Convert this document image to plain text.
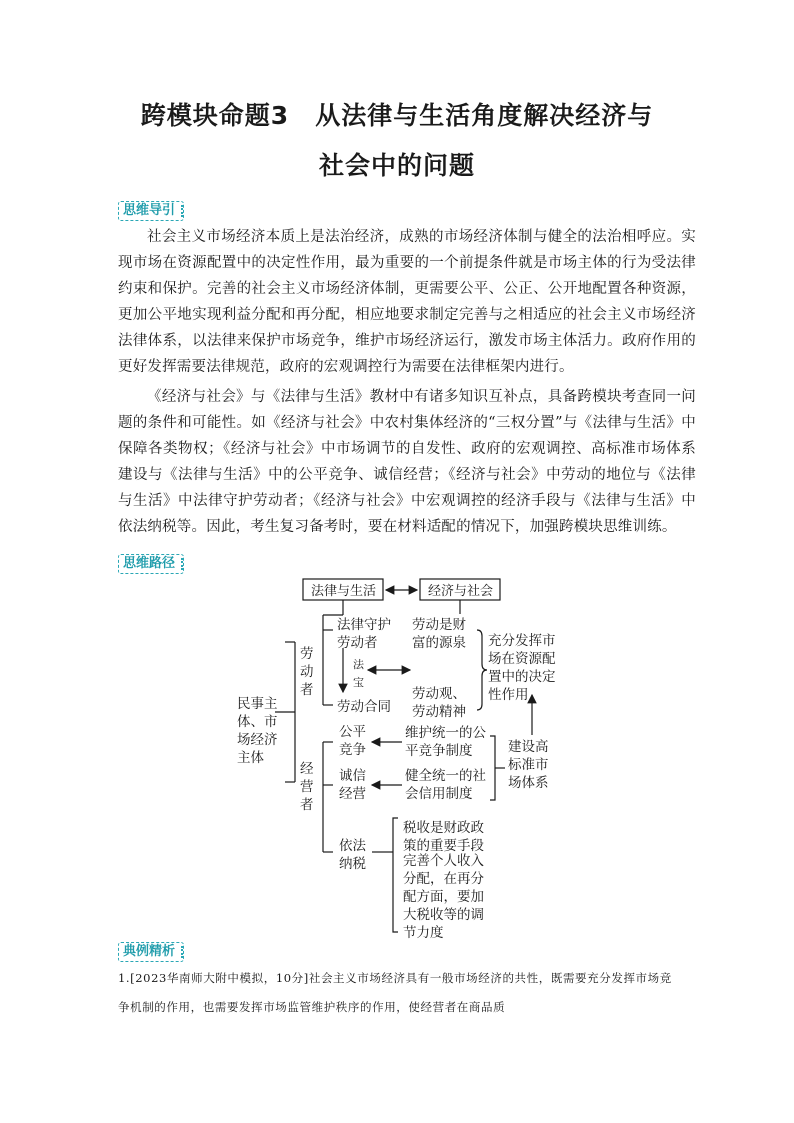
跨模块命题3　从法律与生活角度解决经济与
社会中的问题
思维导引

社会主义市场经济本质上是法治经济，成熟的市场经济体制与健全的法治相呼应。实现市场在资源配置中的决定性作用，最为重要的一个前提条件就是市场主体的行为受法律约束和保护。完善的社会主义市场经济体制，更需要公平、公正、公开地配置各种资源，更加公平地实现利益分配和再分配，相应地要求制定完善与之相适应的社会主义市场经济法律体系，以法律来保护市场竞争，维护市场经济运行，激发市场主体活力。政府作用的更好发挥需要法律规范，政府的宏观调控行为需要在法律框架内进行。

《经济与社会》与《法律与生活》教材中有诸多知识互补点，具备跨模块考查同一问题的条件和可能性。如《经济与社会》中农村集体经济的“三权分置”与《法律与生活》中保障各类物权；《经济与社会》中市场调节的自发性、政府的宏观调控、高标准市场体系建设与《法律与生活》中的公平竞争、诚信经营；《经济与社会》中劳动的地位与《法律与生活》中法律守护劳动者；《经济与社会》中宏观调控的经济手段与《法律与生活》中依法纳税等。因此，考生复习备考时，要在材料适配的情况下，加强跨模块思维训练。

思维路径
法律与生活	经济与社会
民事主
体、市
场经济
主体
劳
动
者
经
营
者
法律守护
劳动者
劳动合同
劳动是财
富的源泉
劳动观、
劳动精神
充分发挥市
场在资源配
置中的决定
性作用
公平
竞争
诚信
经营
依法
纳税
维护统一的公
平竞争制度
健全统一的社
会信用制度
建设高
标准市
场体系
税收是财政政
策的重要手段
完善个人收入
分配，在再分
配方面，要加
大税收等的调
节力度
法
宝
典例精析

1.[2023华南师大附中模拟，10分]社会主义市场经济具有一般市场经济的共性，既需要充分发挥市场竞争机制的作用，也需要发挥市场监管维护秩序的作用，使经营者在商品质
